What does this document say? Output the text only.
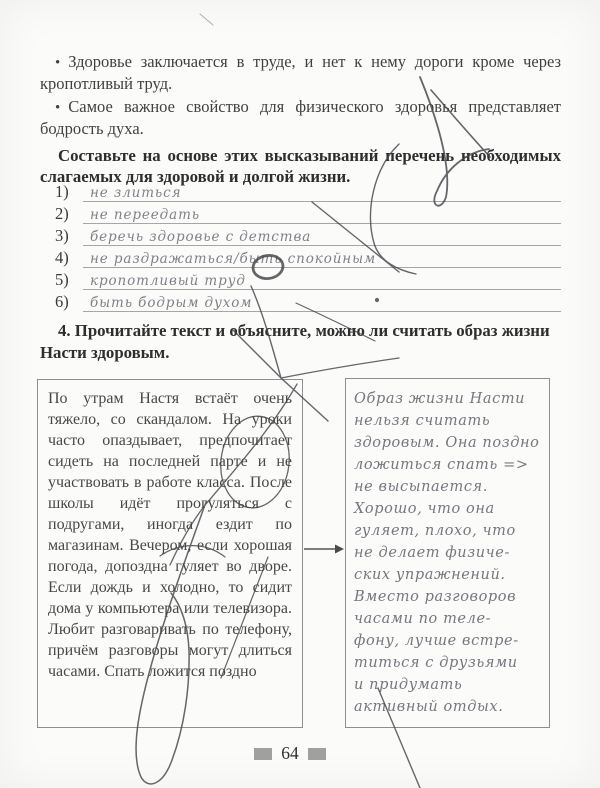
• Здоровье заключается в труде, и нет к нему дороги кроме через кропотливый труд.

• Самое важное свойство для физического здоровья представляет бодрость духа.

Составьте на основе этих высказываний перечень необходимых слагаемых для здоровой и долгой жизни.
1)	не злиться
2)	не переедать
3)	беречь здоровье с детства
4)	не раздражаться/быть спокойным
5)	кропотливый труд
6)	быть бодрым духом
4. Прочитайте текст и объясните, можно ли считать образ жизни Насти здоровым.
По утрам Настя встаёт очень тяжело, со скандалом. На уроки часто опаздывает, предпочитает сидеть на последней парте и не участвовать в работе класса. После школы идёт прогуляться с подругами, иногда ездит по магазинам. Вечером, если хорошая погода, допоздна гуляет во дворе. Если дождь и холодно, то сидит дома у компьютера или телевизора. Любит разговаривать по телефону, причём разговоры могут длиться часами. Спать ложится поздно
Образ жизни Насти
нельзя считать
здоровым. Она поздно
ложиться спать =>
не высыпается.
Хорошо, что она
гуляет, плохо, что
не делает физиче-
ских упражнений.
Вместо разговоров
часами по теле-
фону, лучше встре-
титься с друзьями
и придумать
активный отдых.
64
